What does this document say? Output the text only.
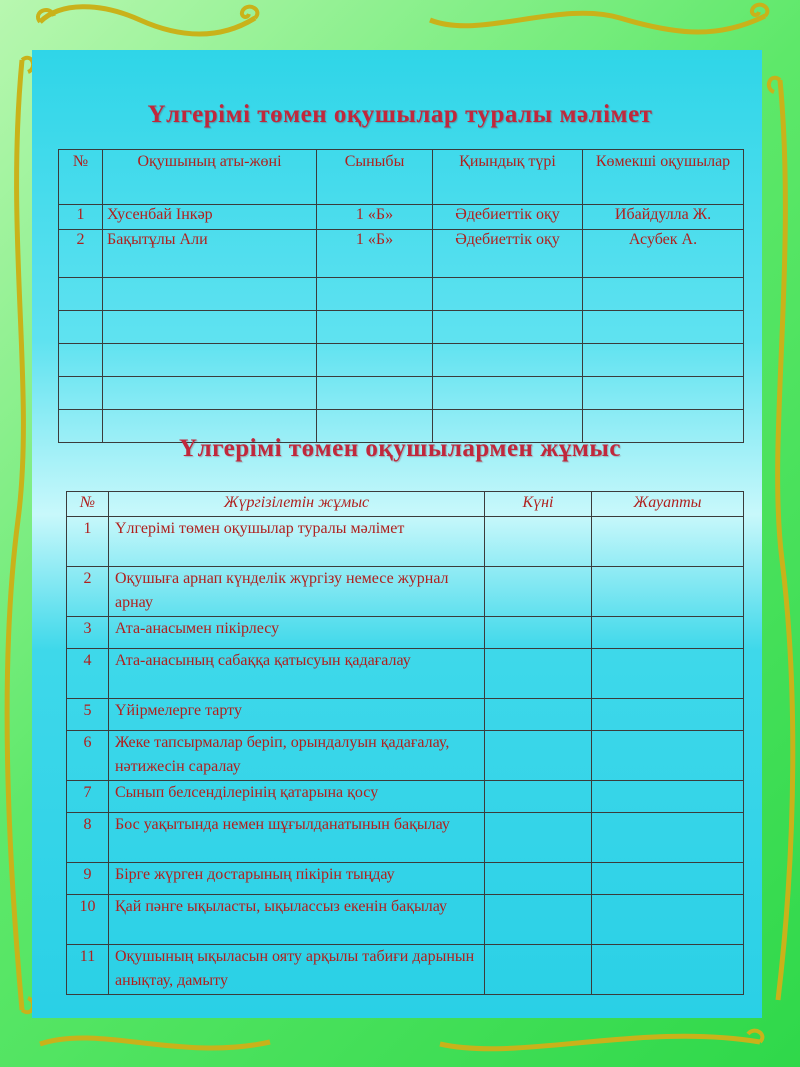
Үлгерімі төмен оқушылар туралы мәлімет
№	Оқушының аты-жөні	Сыныбы	Қиындық түрі	Көмекші оқушылар
1	Хусенбай Інкәр	1 «Б»	Әдебиеттік оқу	Ибайдулла Ж.
2	Бақытұлы Али	1 «Б»	Әдебиеттік оқу	Асубек А.

Үлгерімі төмен оқушылармен жұмыс
№	Жүргізілетін жұмыс	Күні	Жауапты
1	Үлгерімі төмен оқушылар туралы мәлімет		
2	Оқушыға арнап күнделік жүргізу немесе журнал арнау		
3	Ата-анасымен пікірлесу		
4	Ата-анасының сабаққа қатысуын қадағалау		
5	Үйірмелерге тарту		
6	Жеке тапсырмалар беріп, орындалуын қадағалау, нәтижесін саралау		
7	Сынып белсенділерінің қатарына қосу		
8	Бос уақытында немен шұғылданатынын бақылау		
9	Бірге жүрген достарының пікірін тыңдау		
10	Қай пәнге ықыласты, ықылассыз екенін бақылау		
11	Оқушының ықыласын ояту арқылы табиғи дарынын анықтау, дамыту		
